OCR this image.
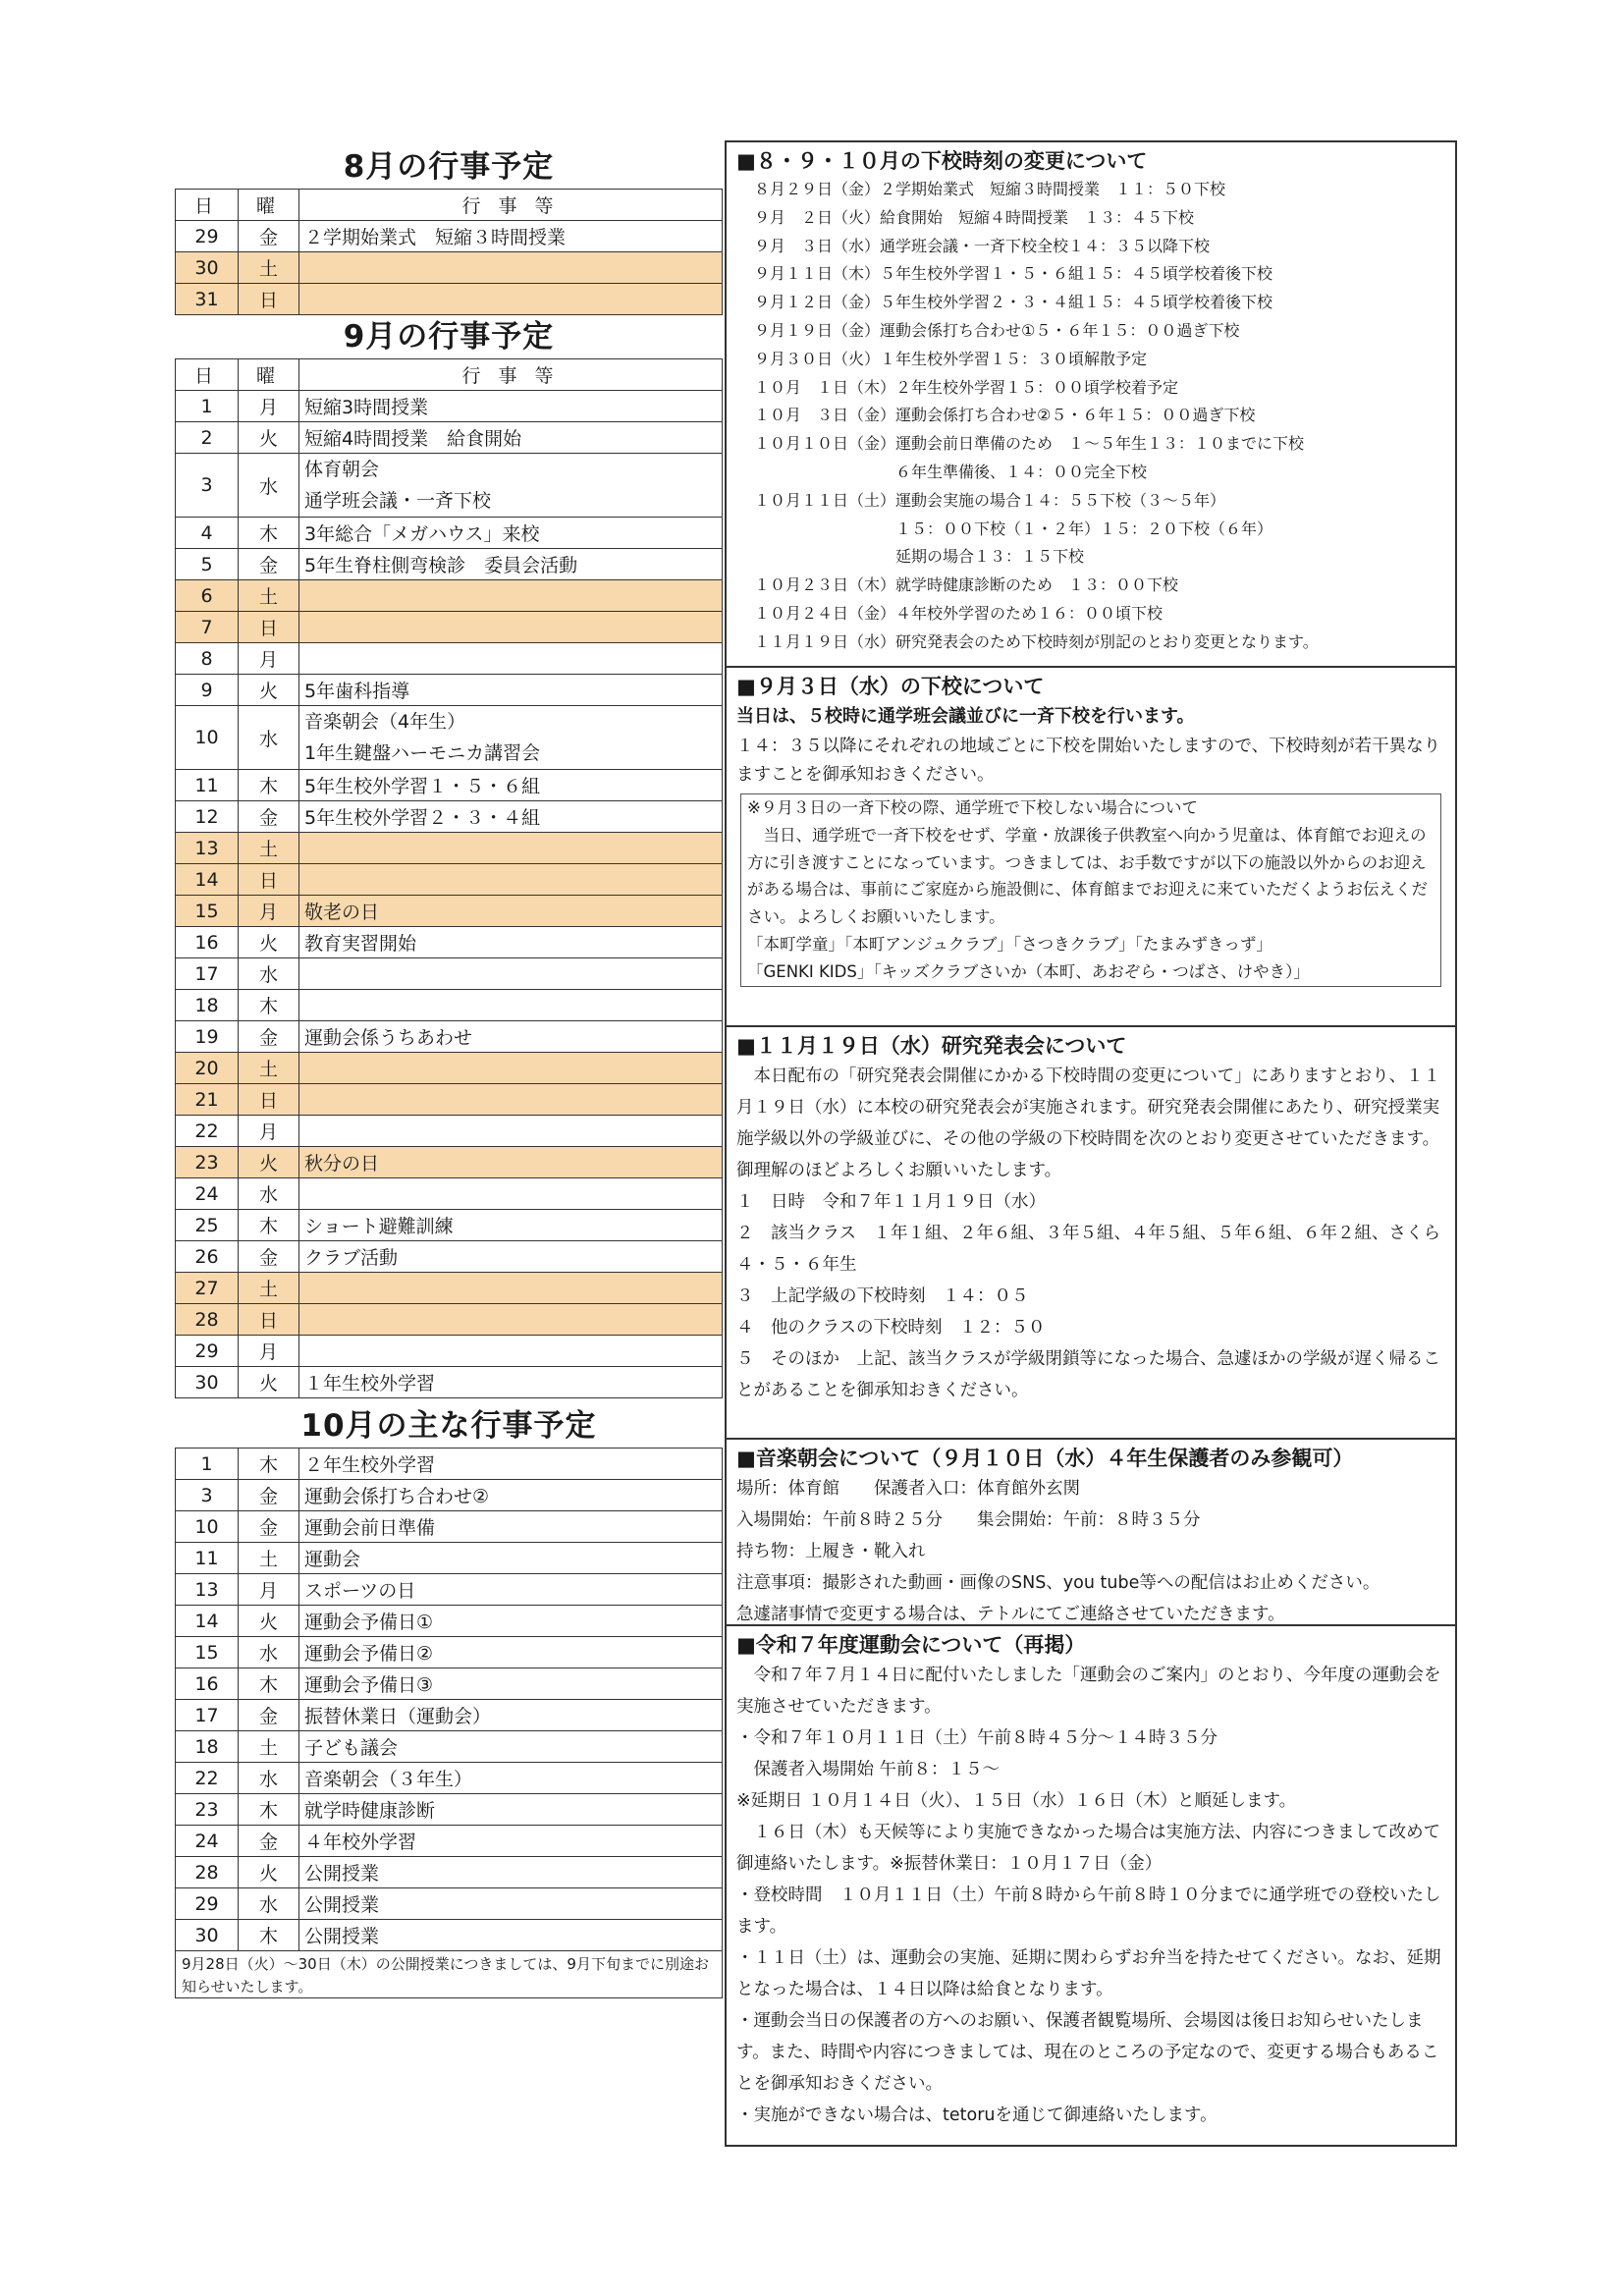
8月の行事予定
日	曜	行 事 等
29	金	２学期始業式　短縮３時間授業
30	土	
31	日	
9月の行事予定
日	曜	行 事 等
1	月	短縮3時間授業
2	火	短縮4時間授業　給食開始
3	水	体育朝会
通学班会議・一斉下校

4	木	3年総合「メガハウス」来校
5	金	5年生脊柱側弯検診　委員会活動
6	土	
7	日	
8	月	
9	火	5年歯科指導
10	水	音楽朝会（4年生）
1年生鍵盤ハーモニカ講習会

11	木	5年生校外学習１・５・６組
12	金	5年生校外学習２・３・４組
13	土	
14	日	
15	月	敬老の日
16	火	教育実習開始
17	水	
18	木	
19	金	運動会係うちあわせ
20	土	
21	日	
22	月	
23	火	秋分の日
24	水	
25	木	ショート避難訓練
26	金	クラブ活動
27	土	
28	日	
29	月	
30	火	１年生校外学習
10月の主な行事予定
1	木	２年生校外学習
3	金	運動会係打ち合わせ②
10	金	運動会前日準備
11	土	運動会
13	月	スポーツの日
14	火	運動会予備日①
15	水	運動会予備日②
16	木	運動会予備日③
17	金	振替休業日（運動会）
18	土	子ども議会
22	水	音楽朝会（３年生）
23	木	就学時健康診断
24	金	４年校外学習
28	火	公開授業
29	水	公開授業
30	木	公開授業
9月28日（火）～30日（木）の公開授業につきましては、9月下旬までに別途お知らせいたします。
■８・９・１０月の下校時刻の変更について
８月２９日（金）２学期始業式　短縮３時間授業　１１：５０下校
９月　２日（火）給食開始　短縮４時間授業　１３：４５下校
９月　３日（水）通学班会議・一斉下校全校１４：３５以降下校
９月１１日（木）５年生校外学習１・５・６組１５：４５頃学校着後下校
９月１２日（金）５年生校外学習２・３・４組１５：４５頃学校着後下校
９月１９日（金）運動会係打ち合わせ①５・６年１５：００過ぎ下校
９月３０日（火）１年生校外学習１５：３０頃解散予定
１０月　１日（木）２年生校外学習１５：００頃学校着予定
１０月　３日（金）運動会係打ち合わせ②５・６年１５：００過ぎ下校
１０月１０日（金）運動会前日準備のため　１～５年生１３：１０までに下校
　　　　　　　　　６年生準備後、１４：００完全下校
１０月１１日（土）運動会実施の場合１４：５５下校（３～５年）
　　　　　　　　　１５：００下校（１・２年）１５：２０下校（６年）
　　　　　　　　　延期の場合１３：１５下校
１０月２３日（木）就学時健康診断のため　１３：００下校
１０月２４日（金）４年校外学習のため１６：００頃下校
１１月１９日（水）研究発表会のため下校時刻が別記のとおり変更となります。
■９月３日（水）の下校について
当日は、５校時に通学班会議並びに一斉下校を行います。
１４：３５以降にそれぞれの地域ごとに下校を開始いたしますので、下校時刻が若干異なりますことを御承知おきください。
※９月３日の一斉下校の際、通学班で下校しない場合について
　当日、通学班で一斉下校をせず、学童・放課後子供教室へ向かう児童は、体育館でお迎えの方に引き渡すことになっています。つきましては、お手数ですが以下の施設以外からのお迎えがある場合は、事前にご家庭から施設側に、体育館までお迎えに来ていただくようお伝えください。よろしくお願いいたします。
「本町学童」「本町アンジュクラブ」「さつきクラブ」「たまみずきっず」
「GENKI KIDS」「キッズクラブさいか（本町、あおぞら・つばさ、けやき）」
■１１月１９日（水）研究発表会について
　本日配布の「研究発表会開催にかかる下校時間の変更について」にありますとおり、１１月１９日（水）に本校の研究発表会が実施されます。研究発表会開催にあたり、研究授業実施学級以外の学級並びに、その他の学級の下校時間を次のとおり変更させていただきます。御理解のほどよろしくお願いいたします。
１　日時　令和７年１１月１９日（水）
２　該当クラス　１年１組、２年６組、３年５組、４年５組、５年６組、６年２組、さくら４・５・６年生
３　上記学級の下校時刻　１４：０５
４　他のクラスの下校時刻　１２：５０
５　そのほか　上記、該当クラスが学級閉鎖等になった場合、急遽ほかの学級が遅く帰ることがあることを御承知おきください。
■音楽朝会について（９月１０日（水）４年生保護者のみ参観可）
場所：体育館　　保護者入口：体育館外玄関
入場開始：午前８時２５分　　集会開始：午前：８時３５分
持ち物：上履き・靴入れ
注意事項：撮影された動画・画像のSNS、you tube等への配信はお止めください。
急遽諸事情で変更する場合は、テトルにてご連絡させていただきます。
■令和７年度運動会について（再掲）
　令和７年７月１４日に配付いたしました「運動会のご案内」のとおり、今年度の運動会を実施させていただきます。
・令和７年１０月１１日（土）午前８時４５分～１４時３５分
　保護者入場開始 午前８：１５～
※延期日 １０月１４日（火）、１５日（水）１６日（木）と順延します。
　１６日（木）も天候等により実施できなかった場合は実施方法、内容につきまして改めて御連絡いたします。※振替休業日：１０月１７日（金）
・登校時間　１０月１１日（土）午前８時から午前８時１０分までに通学班での登校いたします。
・１１日（土）は、運動会の実施、延期に関わらずお弁当を持たせてください。なお、延期となった場合は、１４日以降は給食となります。
・運動会当日の保護者の方へのお願い、保護者観覧場所、会場図は後日お知らせいたします。また、時間や内容につきましては、現在のところの予定なので、変更する場合もあることを御承知おきください。
・実施ができない場合は、tetoruを通じて御連絡いたします。
